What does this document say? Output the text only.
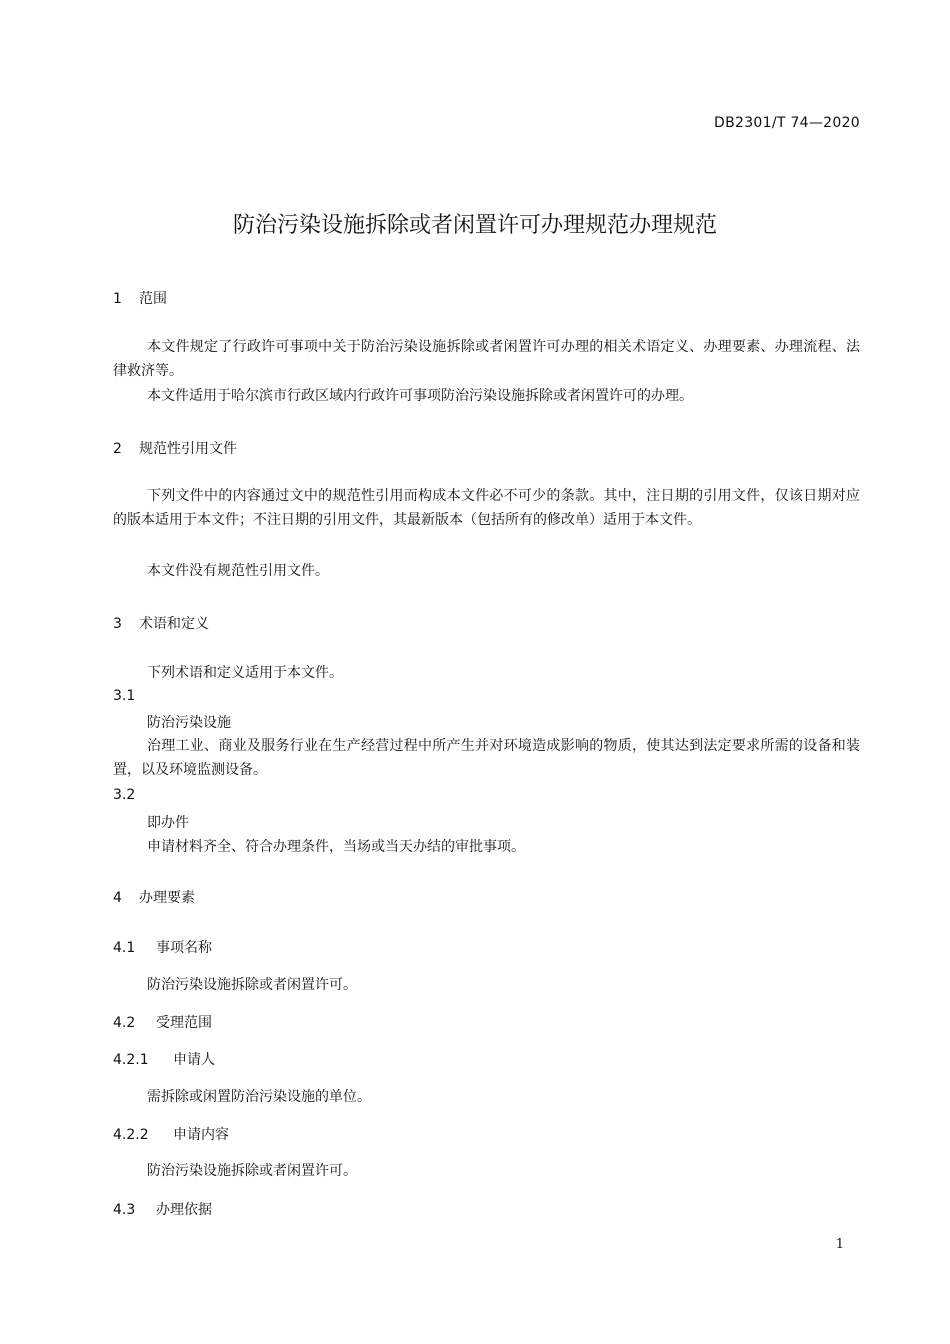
DB2301/T 74—2020
防治污染设施拆除或者闲置许可办理规范办理规范
1 范围
本文件规定了行政许可事项中关于防治污染设施拆除或者闲置许可办理的相关术语定义、办理要素、办理流程、法律救济等。
本文件适用于哈尔滨市行政区域内行政许可事项防治污染设施拆除或者闲置许可的办理。
2 规范性引用文件
下列文件中的内容通过文中的规范性引用而构成本文件必不可少的条款。其中，注日期的引用文件，仅该日期对应的版本适用于本文件；不注日期的引用文件，其最新版本（包括所有的修改单）适用于本文件。
本文件没有规范性引用文件。
3 术语和定义
下列术语和定义适用于本文件。
3.1
防治污染设施
治理工业、商业及服务行业在生产经营过程中所产生并对环境造成影响的物质，使其达到法定要求所需的设备和装置，以及环境监测设备。
3.2
即办件
申请材料齐全、符合办理条件，当场或当天办结的审批事项。
4 办理要素
4.1 事项名称
防治污染设施拆除或者闲置许可。
4.2 受理范围
4.2.1 申请人
需拆除或闲置防治污染设施的单位。
4.2.2 申请内容
防治污染设施拆除或者闲置许可。
4.3 办理依据
1
